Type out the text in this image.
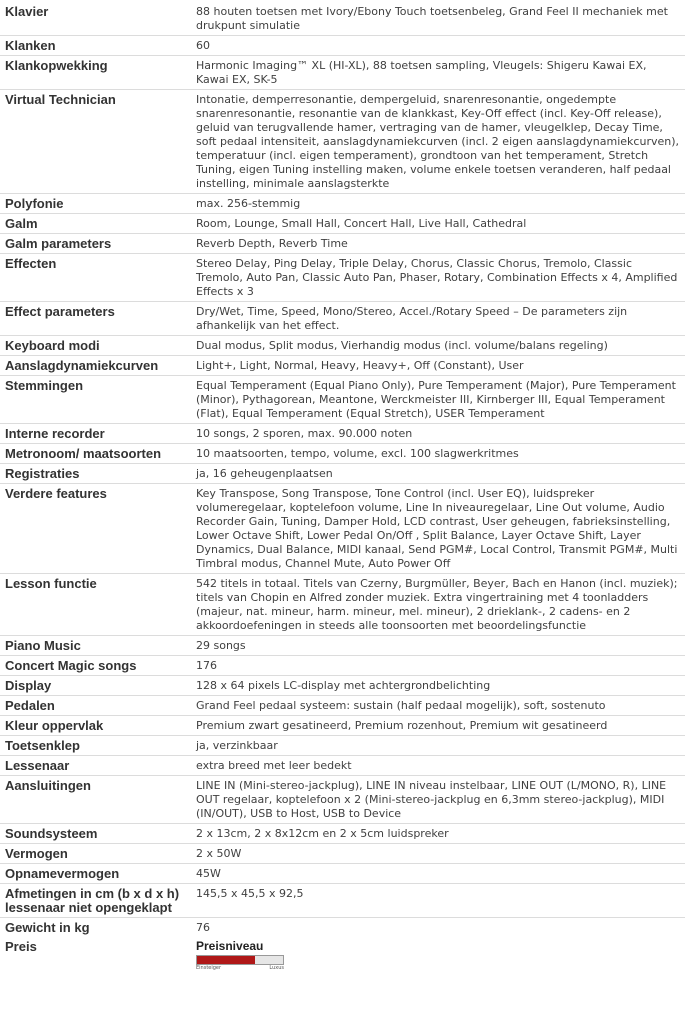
Klavier	88 houten toetsen met Ivory/Ebony Touch toetsenbeleg, Grand Feel II mechaniek met drukpunt simulatie
Klanken	60
Klankopwekking	Harmonic Imaging™ XL (HI-XL), 88 toetsen sampling, Vleugels: Shigeru Kawai EX, Kawai EX, SK-5
Virtual Technician	Intonatie, demperresonantie, dempergeluid, snarenresonantie, ongedempte snarenresonantie, resonantie van de klankkast, Key-Off effect (incl. Key-Off release), geluid van terugvallende hamer, vertraging van de hamer, vleugelklep, Decay Time, soft pedaal intensiteit, aanslagdynamiekcurven (incl. 2 eigen aanslagdynamiekcurven), temperatuur (incl. eigen temperament), grondtoon van het temperament, Stretch Tuning, eigen Tuning instelling maken, volume enkele toetsen veranderen, half pedaal instelling, minimale aanslagsterkte
Polyfonie	max. 256-stemmig
Galm	Room, Lounge, Small Hall, Concert Hall, Live Hall, Cathedral
Galm parameters	Reverb Depth, Reverb Time
Effecten	Stereo Delay, Ping Delay, Triple Delay, Chorus, Classic Chorus, Tremolo, Classic Tremolo, Auto Pan, Classic Auto Pan, Phaser, Rotary, Combination Effects x 4, Amplified Effects x 3
Effect parameters	Dry/Wet, Time, Speed, Mono/Stereo, Accel./Rotary Speed – De parameters zijn afhankelijk van het effect.
Keyboard modi	Dual modus, Split modus, Vierhandig modus (incl. volume/balans regeling)
Aanslagdynamiekcurven	Light+, Light, Normal, Heavy, Heavy+, Off (Constant), User
Stemmingen	Equal Temperament (Equal Piano Only), Pure Temperament (Major), Pure Temperament (Minor), Pythagorean, Meantone, Werckmeister III, Kirnberger III, Equal Temperament (Flat), Equal Temperament (Equal Stretch), USER Temperament
Interne recorder	10 songs, 2 sporen, max. 90.000 noten
Metronoom/ maatsoorten	10 maatsoorten, tempo, volume, excl. 100 slagwerkritmes
Registraties	ja, 16 geheugenplaatsen
Verdere features	Key Transpose, Song Transpose, Tone Control (incl. User EQ), luidspreker volumeregelaar, koptelefoon volume, Line In niveauregelaar, Line Out volume, Audio Recorder Gain, Tuning, Damper Hold, LCD contrast, User geheugen, fabrieksinstelling, Lower Octave Shift, Lower Pedal On/Off , Split Balance, Layer Octave Shift, Layer Dynamics, Dual Balance, MIDI kanaal, Send PGM#, Local Control, Transmit PGM#, Multi Timbral modus, Channel Mute, Auto Power Off
Lesson functie	542 titels in totaal. Titels van Czerny, Burgmüller, Beyer, Bach en Hanon (incl. muziek); titels van Chopin en Alfred zonder muziek. Extra vingertraining met 4 toonladders (majeur, nat. mineur, harm. mineur, mel. mineur), 2 drieklank-, 2 cadens- en 2 akkoordoefeningen in steeds alle toonsoorten met beoordelingsfunctie
Piano Music	29 songs
Concert Magic songs	176
Display	128 x 64 pixels LC-display met achtergrondbelichting
Pedalen	Grand Feel pedaal systeem: sustain (half pedaal mogelijk), soft, sostenuto
Kleur oppervlak	Premium zwart gesatineerd, Premium rozenhout, Premium wit gesatineerd
Toetsenklep	ja, verzinkbaar
Lessenaar	extra breed met leer bedekt
Aansluitingen	LINE IN (Mini-stereo-jackplug), LINE IN niveau instelbaar, LINE OUT (L/MONO, R), LINE OUT regelaar, koptelefoon x 2 (Mini-stereo-jackplug en 6,3mm stereo-jackplug), MIDI (IN/OUT), USB to Host, USB to Device
Soundsysteem	2 x 13cm, 2 x 8x12cm en 2 x 5cm luidspreker
Vermogen	2 x 50W
Opnamevermogen	45W
Afmetingen in cm (b x d x h) lessenaar niet opengeklapt	145,5 x 45,5 x 92,5
Gewicht in kg	76
Preis	Preisniveau
Einsteiger Luxus
